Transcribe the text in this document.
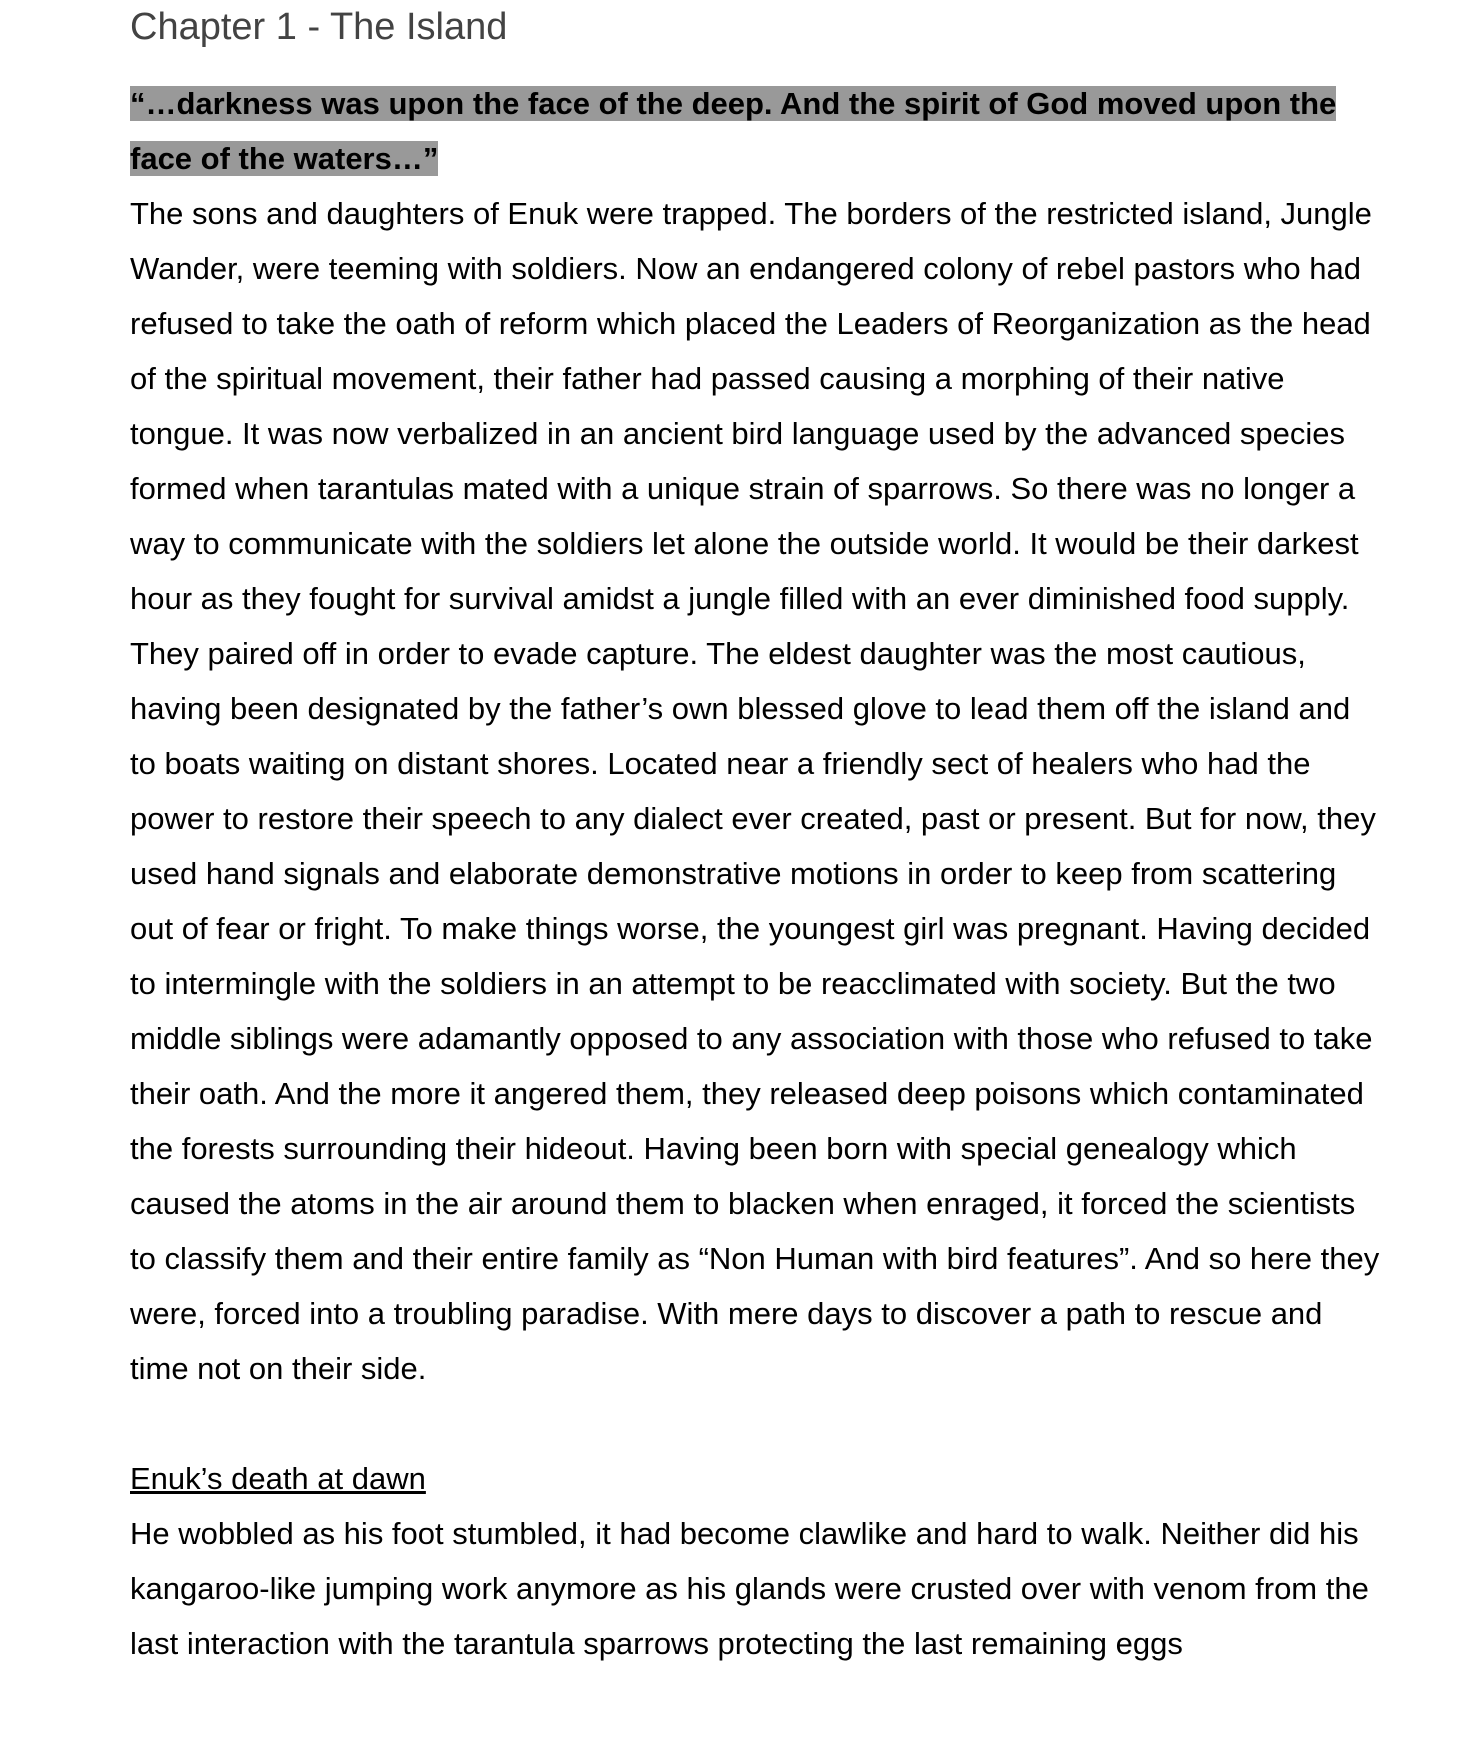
Chapter 1 - The Island
“…darkness was upon the face of the deep. And the spirit of God moved upon the face of the waters…”

The sons and daughters of Enuk were trapped. The borders of the restricted island, Jungle Wander, were teeming with soldiers. Now an endangered colony of rebel pastors who had refused to take the oath of reform which placed the Leaders of Reorganization as the head of the spiritual movement, their father had passed causing a morphing of their native tongue. It was now verbalized in an ancient bird language used by the advanced species formed when tarantulas mated with a unique strain of sparrows. So there was no longer a way to communicate with the soldiers let alone the outside world. It would be their darkest hour as they fought for survival amidst a jungle filled with an ever diminished food supply. They paired off in order to evade capture. The eldest daughter was the most cautious, having been designated by the father’s own blessed glove to lead them off the island and to boats waiting on distant shores. Located near a friendly sect of healers who had the power to restore their speech to any dialect ever created, past or present. But for now, they used hand signals and elaborate demonstrative motions in order to keep from scattering out of fear or fright. To make things worse, the youngest girl was pregnant. Having decided to intermingle with the soldiers in an attempt to be reacclimated with society. But the two middle siblings were adamantly opposed to any association with those who refused to take their oath. And the more it angered them, they released deep poisons which contaminated the forests surrounding their hideout. Having been born with special genealogy which caused the atoms in the air around them to blacken when enraged, it forced the scientists to classify them and their entire family as “Non Human with bird features”. And so here they were, forced into a troubling paradise. With mere days to discover a path to rescue and time not on their side.

Enuk’s death at dawn

He wobbled as his foot stumbled, it had become clawlike and hard to walk. Neither did his kangaroo-like jumping work anymore as his glands were crusted over with venom from the last interaction with the tarantula sparrows protecting the last remaining eggs
